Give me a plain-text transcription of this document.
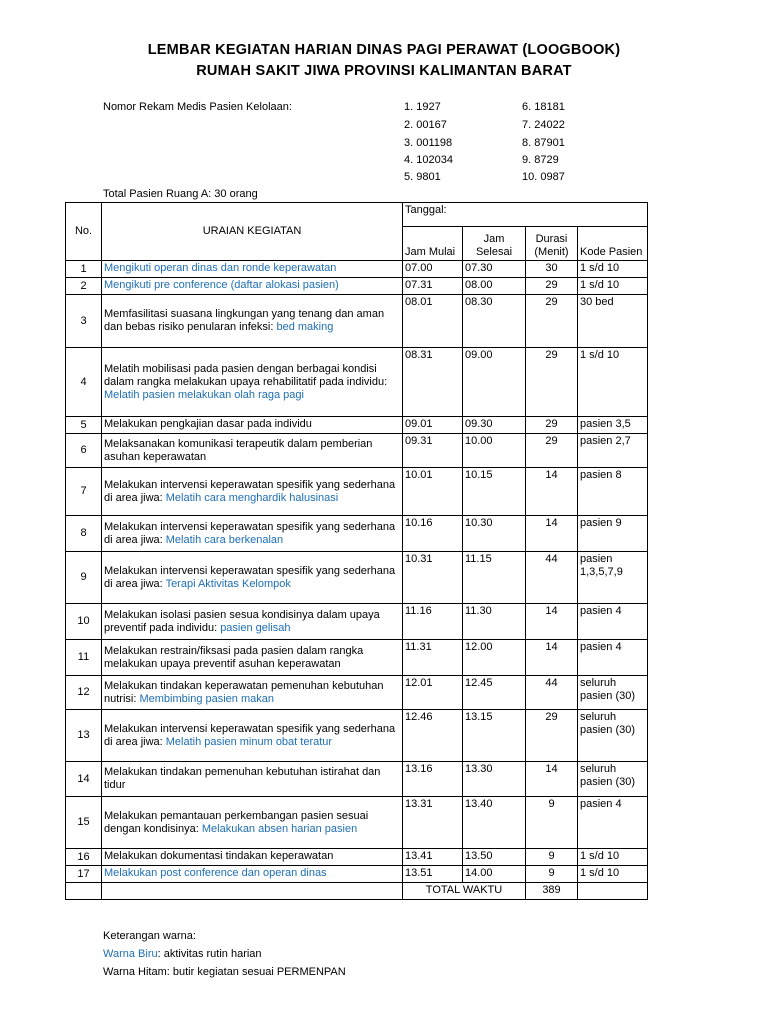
LEMBAR KEGIATAN HARIAN DINAS PAGI PERAWAT (LOOGBOOK)
RUMAH SAKIT JIWA PROVINSI KALIMANTAN BARAT
Nomor Rekam Medis Pasien Kelolaan:	1. 1927
2. 00167
3. 001198
4. 102034
5. 9801
6. 18181
7. 24022
8. 87901
9. 8729
10. 0987
Total Pasien Ruang A: 30 orang
No.	URAIAN KEGIATAN	Tanggal:			
		Jam Mulai	Jam Selesai	Durasi (Menit)	Kode Pasien
1	Mengikuti operan dinas dan ronde keperawatan	07.00	07.30	30	1 s/d 10
2	Mengikuti pre conference (daftar alokasi pasien)	07.31	08.00	29	1 s/d 10
3	Memfasilitasi suasana lingkungan yang tenang dan aman dan bebas risiko penularan infeksi: bed making	08.01	08.30	29	30 bed
4	Melatih mobilisasi pada pasien dengan berbagai kondisi dalam rangka melakukan upaya rehabilitatif pada individu: Melatih pasien melakukan olah raga pagi	08.31	09.00	29	1 s/d 10
5	Melakukan pengkajian dasar pada individu	09.01	09.30	29	pasien 3,5
6	Melaksanakan komunikasi terapeutik dalam pemberian asuhan keperawatan	09.31	10.00	29	pasien 2,7
7	Melakukan intervensi keperawatan spesifik yang sederhana di area jiwa: Melatih cara menghardik halusinasi	10.01	10.15	14	pasien 8
8	Melakukan intervensi keperawatan spesifik yang sederhana di area jiwa: Melatih cara berkenalan	10.16	10.30	14	pasien 9
9	Melakukan intervensi keperawatan spesifik yang sederhana di area jiwa: Terapi Aktivitas Kelompok	10.31	11.15	44	pasien 1,3,5,7,9
10	Melakukan isolasi pasien sesua kondisinya dalam upaya preventif pada individu: pasien gelisah	11.16	11.30	14	pasien 4
11	Melakukan restrain/fiksasi pada pasien dalam rangka melakukan upaya preventif asuhan keperawatan	11.31	12.00	14	pasien 4
12	Melakukan tindakan keperawatan pemenuhan kebutuhan nutrisi: Membimbing pasien makan	12.01	12.45	44	seluruh pasien (30)
13	Melakukan intervensi keperawatan spesifik yang sederhana di area jiwa: Melatih pasien minum obat teratur	12.46	13.15	29	seluruh pasien (30)
14	Melakukan tindakan pemenuhan kebutuhan istirahat dan tidur	13.16	13.30	14	seluruh pasien (30)
15	Melakukan pemantauan perkembangan pasien sesuai dengan kondisinya: Melakukan absen harian pasien	13.31	13.40	9	pasien 4
16	Melakukan dokumentasi tindakan keperawatan	13.41	13.50	9	1 s/d 10
17	Melakukan post conference dan operan dinas	13.51	14.00	9	1 s/d 10
		TOTAL WAKTU		389	
Keterangan warna:
Warna Biru: aktivitas rutin harian
Warna Hitam: butir kegiatan sesuai PERMENPAN
